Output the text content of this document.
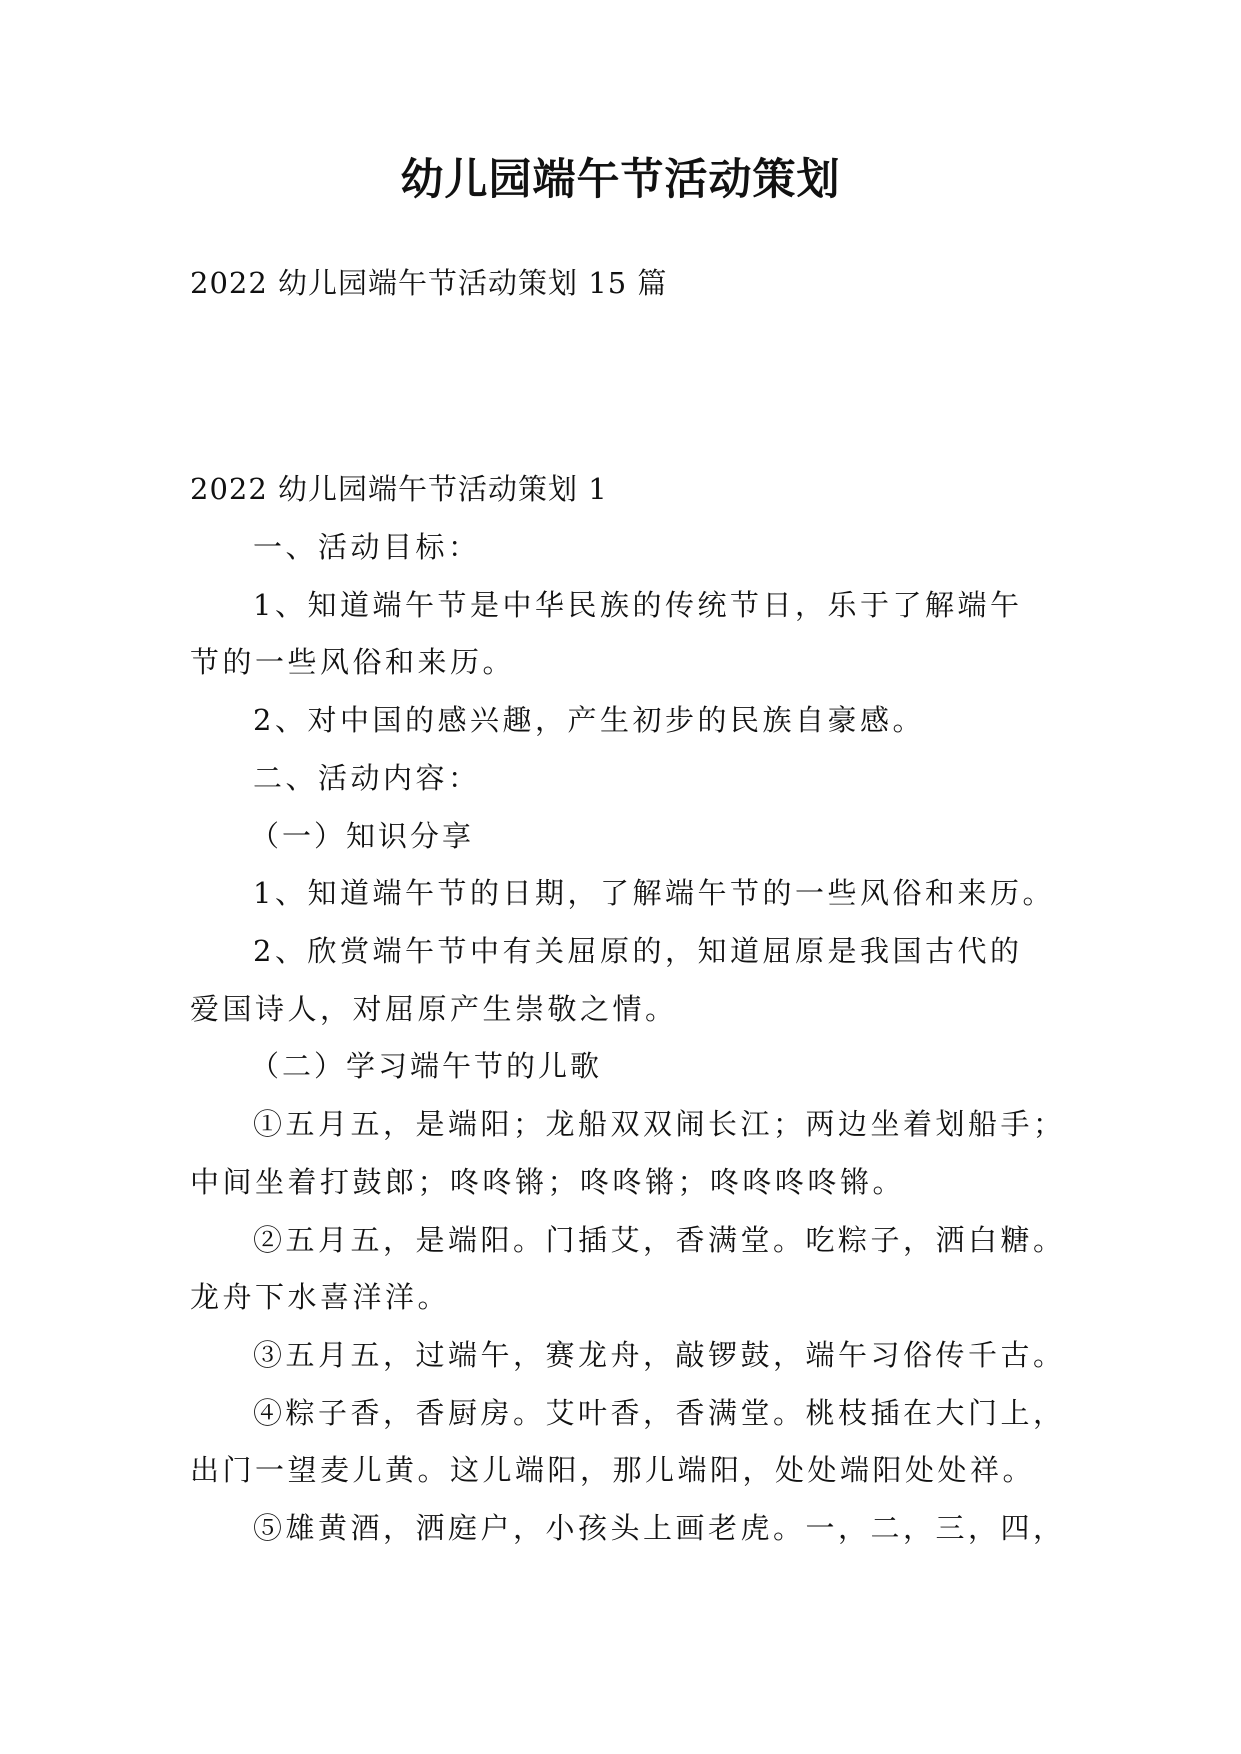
幼儿园端午节活动策划

2022 幼儿园端午节活动策划 15 篇

2022 幼儿园端午节活动策划 1

一、活动目标：

1、知道端午节是中华民族的传统节日，乐于了解端午

节的一些风俗和来历。

2、对中国的感兴趣，产生初步的民族自豪感。

二、活动内容：

（一）知识分享

1、知道端午节的日期，了解端午节的一些风俗和来历。

2、欣赏端午节中有关屈原的，知道屈原是我国古代的

爱国诗人，对屈原产生崇敬之情。

（二）学习端午节的儿歌

①五月五，是端阳；龙船双双闹长江；两边坐着划船手；

中间坐着打鼓郎；咚咚锵；咚咚锵；咚咚咚咚锵。

②五月五，是端阳。门插艾，香满堂。吃粽子，洒白糖。

龙舟下水喜洋洋。

③五月五，过端午，赛龙舟，敲锣鼓，端午习俗传千古。

④粽子香，香厨房。艾叶香，香满堂。桃枝插在大门上，

出门一望麦儿黄。这儿端阳，那儿端阳，处处端阳处处祥。

⑤雄黄酒，洒庭户，小孩头上画老虎。一，二，三，四，
